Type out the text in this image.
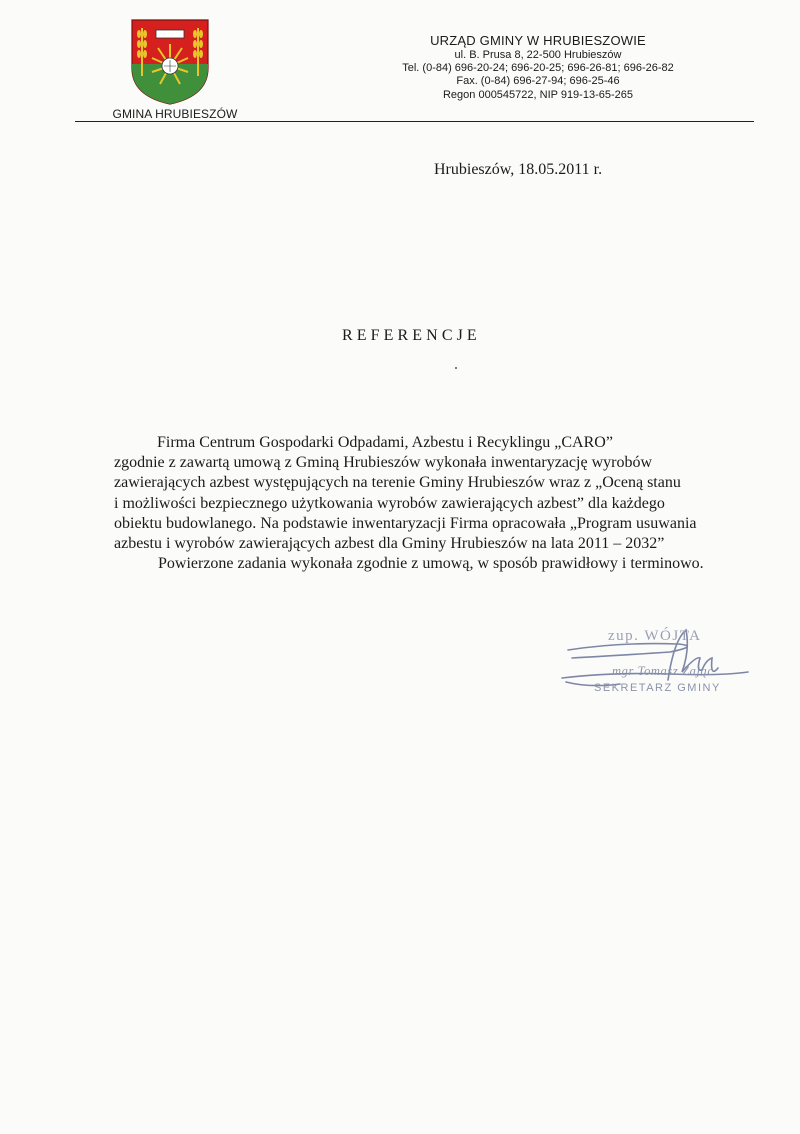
GMINA HRUBIESZÓW
URZĄD GMINY W HRUBIESZOWIE
ul. B. Prusa 8, 22-500 Hrubieszów
Tel. (0-84) 696-20-24; 696-20-25; 696-26-81; 696-26-82
Fax. (0-84) 696-27-94; 696-25-46
Regon 000545722, NIP 919-13-65-265
Hrubieszów, 18.05.2011 r.
REFERENCJE
Firma Centrum Gospodarki Odpadami, Azbestu i Recyklingu „CARO”
zgodnie z zawartą umową z Gminą Hrubieszów wykonała inwentaryzację wyrobów
zawierających azbest występujących na terenie Gminy Hrubieszów wraz z „Oceną stanu
i możliwości bezpiecznego użytkowania wyrobów zawierających azbest” dla każdego
obiektu budowlanego. Na podstawie inwentaryzacji Firma opracowała „Program usuwania
azbestu i wyrobów zawierających azbest dla Gminy Hrubieszów na lata 2011 – 2032”
Powierzone zadania wykonała zgodnie z umową, w sposób prawidłowy i terminowo.
zup. WÓJTA
mgr Tomasz Zając
SEKRETARZ GMINY
